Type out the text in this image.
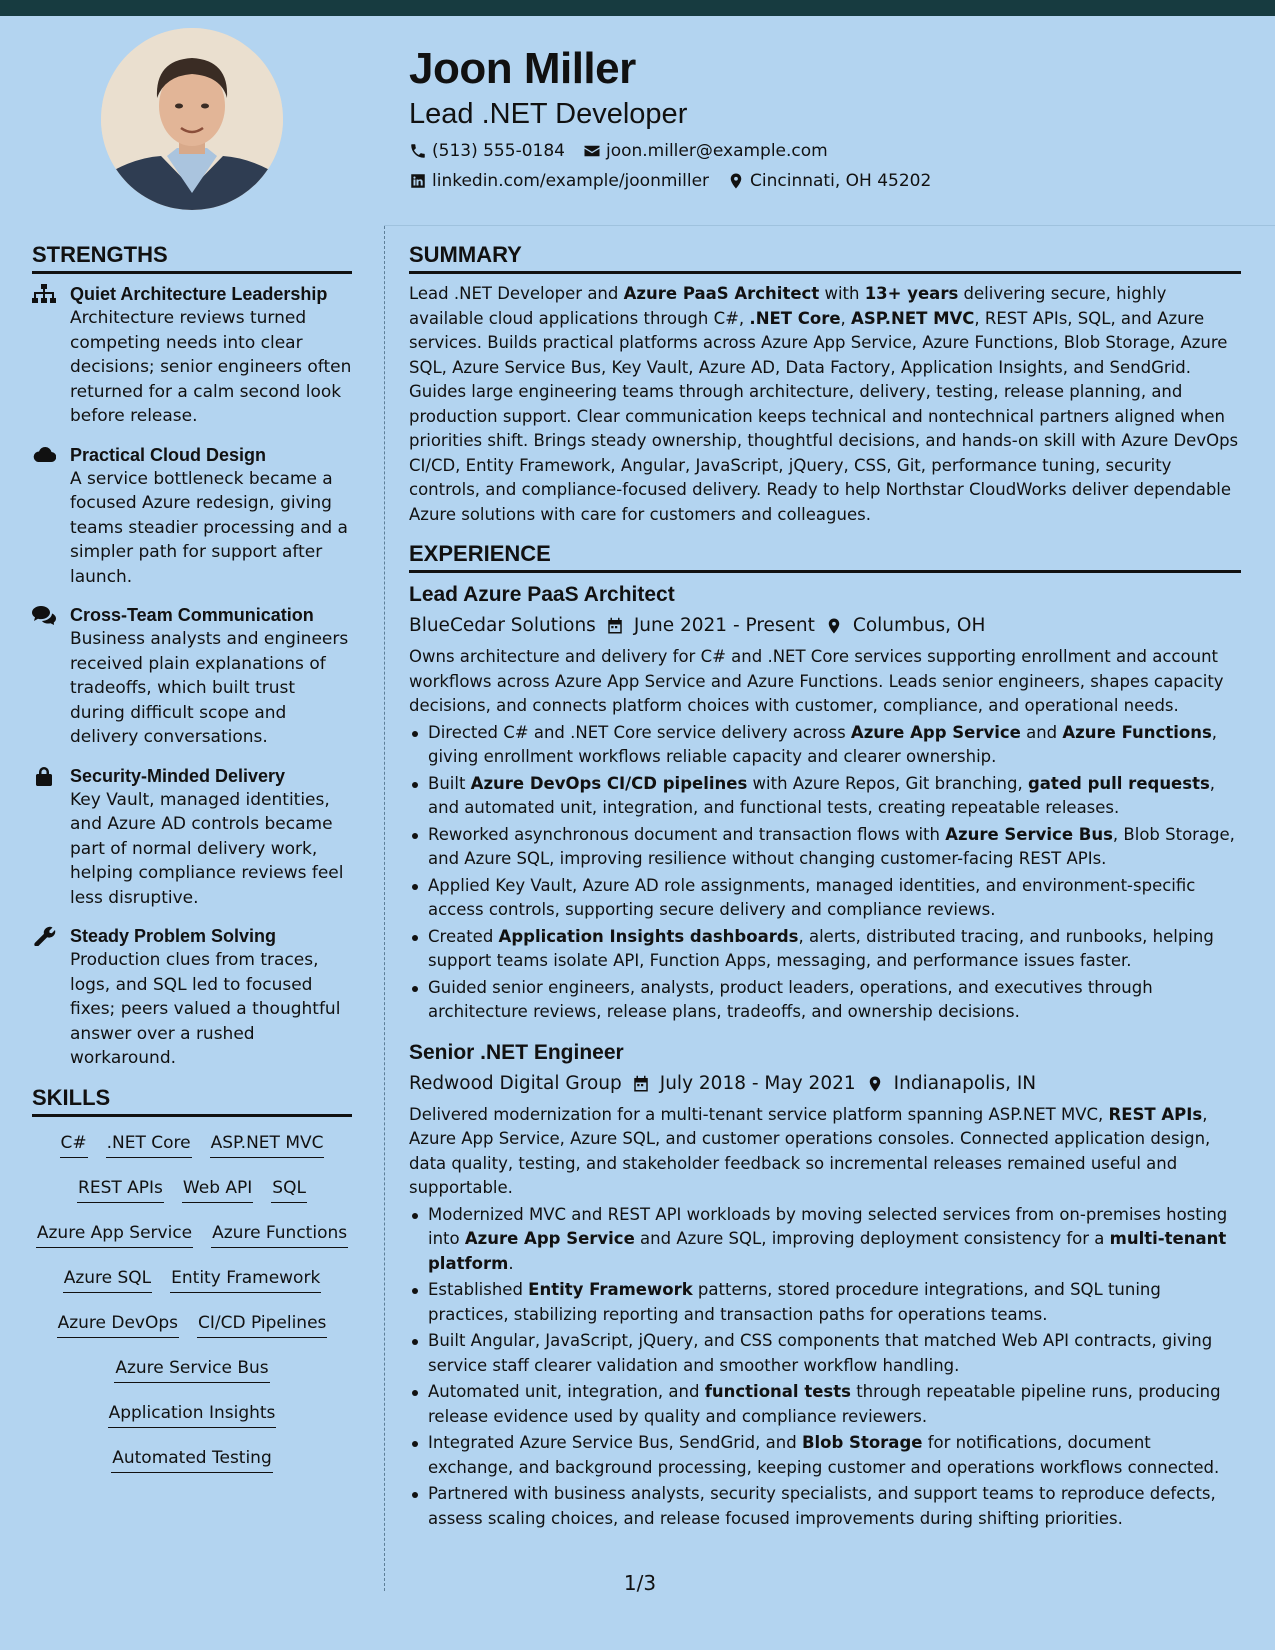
Joon Miller
Lead .NET Developer
(513) 555-0184 joon.miller@example.com
linkedin.com/example/joonmiller Cincinnati, OH 45202
STRENGTHS
Quiet Architecture Leadership
Architecture reviews turned competing needs into clear decisions; senior engineers often returned for a calm second look before release.
Practical Cloud Design
A service bottleneck became a focused Azure redesign, giving teams steadier processing and a simpler path for support after launch.
Cross-Team Communication
Business analysts and engineers received plain explanations of tradeoffs, which built trust during difficult scope and delivery conversations.
Security-Minded Delivery
Key Vault, managed identities, and Azure AD controls became part of normal delivery work, helping compliance reviews feel less disruptive.
Steady Problem Solving
Production clues from traces, logs, and SQL led to focused fixes; peers valued a thoughtful answer over a rushed workaround.
SKILLS
C# .NET Core ASP.NET MVC
REST APIs Web API SQL
Azure App Service Azure Functions
Azure SQL Entity Framework
Azure DevOps CI/CD Pipelines
Azure Service Bus
Application Insights
Automated Testing
SUMMARY
Lead .NET Developer and Azure PaaS Architect with 13+ years delivering secure, highly available cloud applications through C#, .NET Core, ASP.NET MVC, REST APIs, SQL, and Azure services. Builds practical platforms across Azure App Service, Azure Functions, Blob Storage, Azure SQL, Azure Service Bus, Key Vault, Azure AD, Data Factory, Application Insights, and SendGrid. Guides large engineering teams through architecture, delivery, testing, release planning, and production support. Clear communication keeps technical and nontechnical partners aligned when priorities shift. Brings steady ownership, thoughtful decisions, and hands-on skill with Azure DevOps CI/CD, Entity Framework, Angular, JavaScript, jQuery, CSS, Git, performance tuning, security controls, and compliance-focused delivery. Ready to help Northstar CloudWorks deliver dependable Azure solutions with care for customers and colleagues.
EXPERIENCE
Lead Azure PaaS Architect
BlueCedar Solutions June 2021 - Present Columbus, OH
Owns architecture and delivery for C# and .NET Core services supporting enrollment and account workflows across Azure App Service and Azure Functions. Leads senior engineers, shapes capacity decisions, and connects platform choices with customer, compliance, and operational needs.
Directed C# and .NET Core service delivery across Azure App Service and Azure Functions, giving enrollment workflows reliable capacity and clearer ownership.
Built Azure DevOps CI/CD pipelines with Azure Repos, Git branching, gated pull requests, and automated unit, integration, and functional tests, creating repeatable releases.
Reworked asynchronous document and transaction flows with Azure Service Bus, Blob Storage, and Azure SQL, improving resilience without changing customer-facing REST APIs.
Applied Key Vault, Azure AD role assignments, managed identities, and environment-specific access controls, supporting secure delivery and compliance reviews.
Created Application Insights dashboards, alerts, distributed tracing, and runbooks, helping support teams isolate API, Function Apps, messaging, and performance issues faster.
Guided senior engineers, analysts, product leaders, operations, and executives through architecture reviews, release plans, tradeoffs, and ownership decisions.
Senior .NET Engineer
Redwood Digital Group July 2018 - May 2021 Indianapolis, IN
Delivered modernization for a multi-tenant service platform spanning ASP.NET MVC, REST APIs, Azure App Service, Azure SQL, and customer operations consoles. Connected application design, data quality, testing, and stakeholder feedback so incremental releases remained useful and supportable.
Modernized MVC and REST API workloads by moving selected services from on-premises hosting into Azure App Service and Azure SQL, improving deployment consistency for a multi-tenant platform.
Established Entity Framework patterns, stored procedure integrations, and SQL tuning practices, stabilizing reporting and transaction paths for operations teams.
Built Angular, JavaScript, jQuery, and CSS components that matched Web API contracts, giving service staff clearer validation and smoother workflow handling.
Automated unit, integration, and functional tests through repeatable pipeline runs, producing release evidence used by quality and compliance reviewers.
Integrated Azure Service Bus, SendGrid, and Blob Storage for notifications, document exchange, and background processing, keeping customer and operations workflows connected.
Partnered with business analysts, security specialists, and support teams to reproduce defects, assess scaling choices, and release focused improvements during shifting priorities.
1/3
